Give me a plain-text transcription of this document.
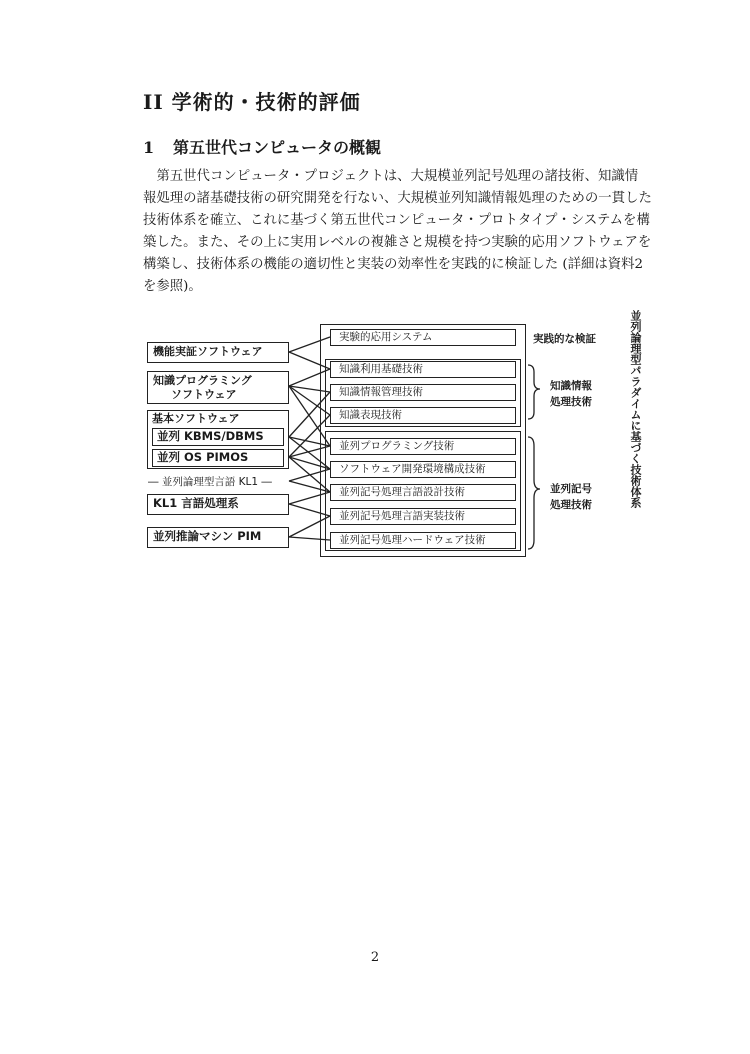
II 学術的・技術的評価
1 第五世代コンピュータの概観
　第五世代コンピュータ・プロジェクトは、大規模並列記号処理の諸技術、知識情
報処理の諸基礎技術の研究開発を行ない、大規模並列知識情報処理のための一貫した
技術体系を確立、これに基づく第五世代コンピュータ・プロトタイプ・システムを構
築した。また、その上に実用レベルの複雑さと規模を持つ実験的応用ソフトウェアを
構築し、技術体系の機能の適切性と実装の効率性を実践的に検証した (詳細は資料2
を参照)。
機能実証ソフトウェア
知識プログラミング
ソフトウェア
基本ソフトウェア
並列 KBMS/DBMS
並列 OS PIMOS
― 並列論理型言語 KL1 ―
KL1 言語処理系
並列推論マシン PIM
実験的応用システム
知識利用基礎技術
知識情報管理技術
知識表現技術
並列プログラミング技術
ソフトウェア開発環境構成技術
並列記号処理言語設計技術
並列記号処理言語実装技術
並列記号処理ハードウェア技術
実践的な検証
知識情報
処理技術
並列記号
処理技術	並列論理型パラダイムに基づく技術体系
2
